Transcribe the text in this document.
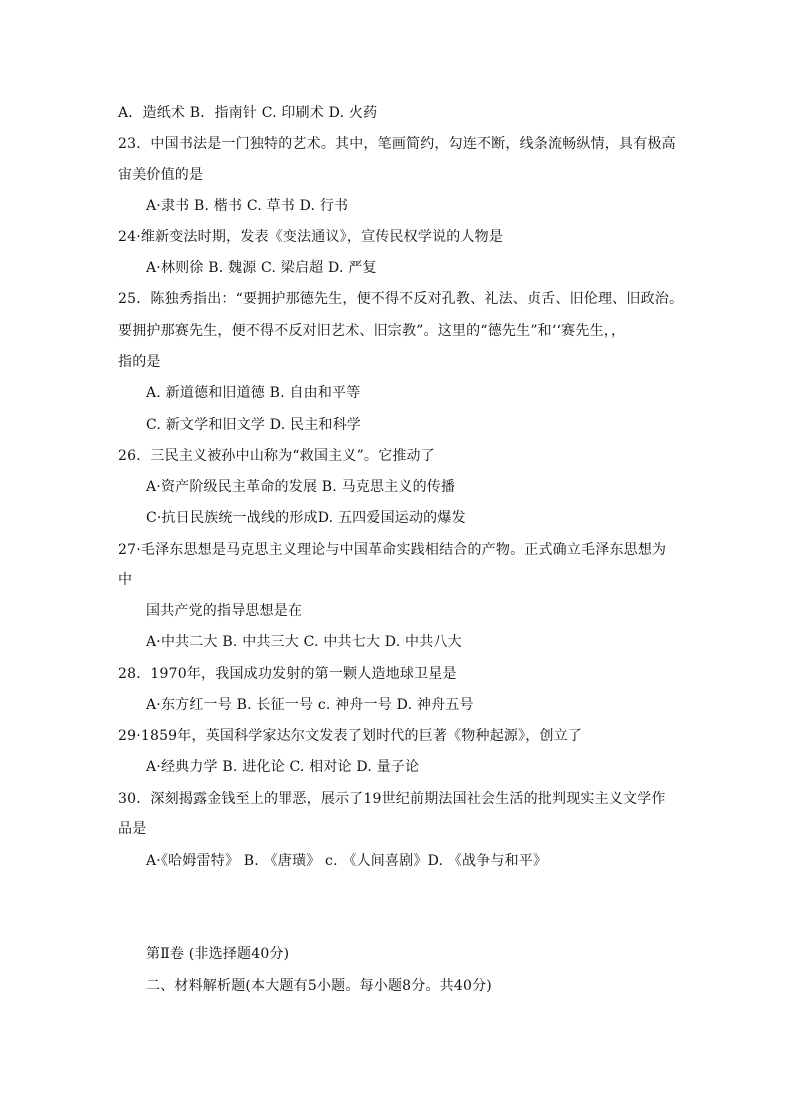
A．造纸术 B．指南针 C. 印刷术 D. 火药
23．中国书法是一门独特的艺术。其中，笔画简约，勾连不断，线条流畅纵情，具有极高
宙美价值的是
A·隶书 B. 楷书 C. 草书 D. 行书
24·维新变法时期，发表《变法通议》，宣传民权学说的人物是
A·林则徐 B. 魏源 C. 梁启超 D. 严复
25．陈独秀指出：“要拥护那德先生，便不得不反对孔教、礼法、贞舌、旧伦理、旧政治。
要拥护那赛先生，便不得不反对旧艺术、旧宗教”。这里的“德先生”和‘‘赛先生，，
指的是
A. 新道德和旧道德 B. 自由和平等
C. 新文学和旧文学 D. 民主和科学
26．三民主义被孙中山称为“救国主义”。它推动了
A·资产阶级民主革命的发展 B. 马克思主义的传播
C·抗日民族统一战线的形成D. 五四爱国运动的爆发
27·毛泽东思想是马克思主义理论与中国革命实践相结合的产物。正式确立毛泽东思想为
中
国共产党的指导思想是在
A·中共二大 B. 中共三大 C. 中共七大 D. 中共八大
28．1970年，我国成功发射的第一颗人造地球卫星是
A·东方红一号 B. 长征一号 c. 神舟一号 D. 神舟五号
29·1859年，英国科学家达尔文发表了划时代的巨著《物种起源》，创立了
A·经典力学 B. 进化论 C. 相对论 D. 量子论
30．深刻揭露金钱至上的罪恶，展示了19世纪前期法国社会生活的批判现实主义文学作
品是
A·《哈姆雷特》 B. 《唐璜》 c. 《人间喜剧》D. 《战争与和平》
第Ⅱ卷 (非选择题40分)
二、材料解析题(本大题有5小题。每小题8分。共40分)
